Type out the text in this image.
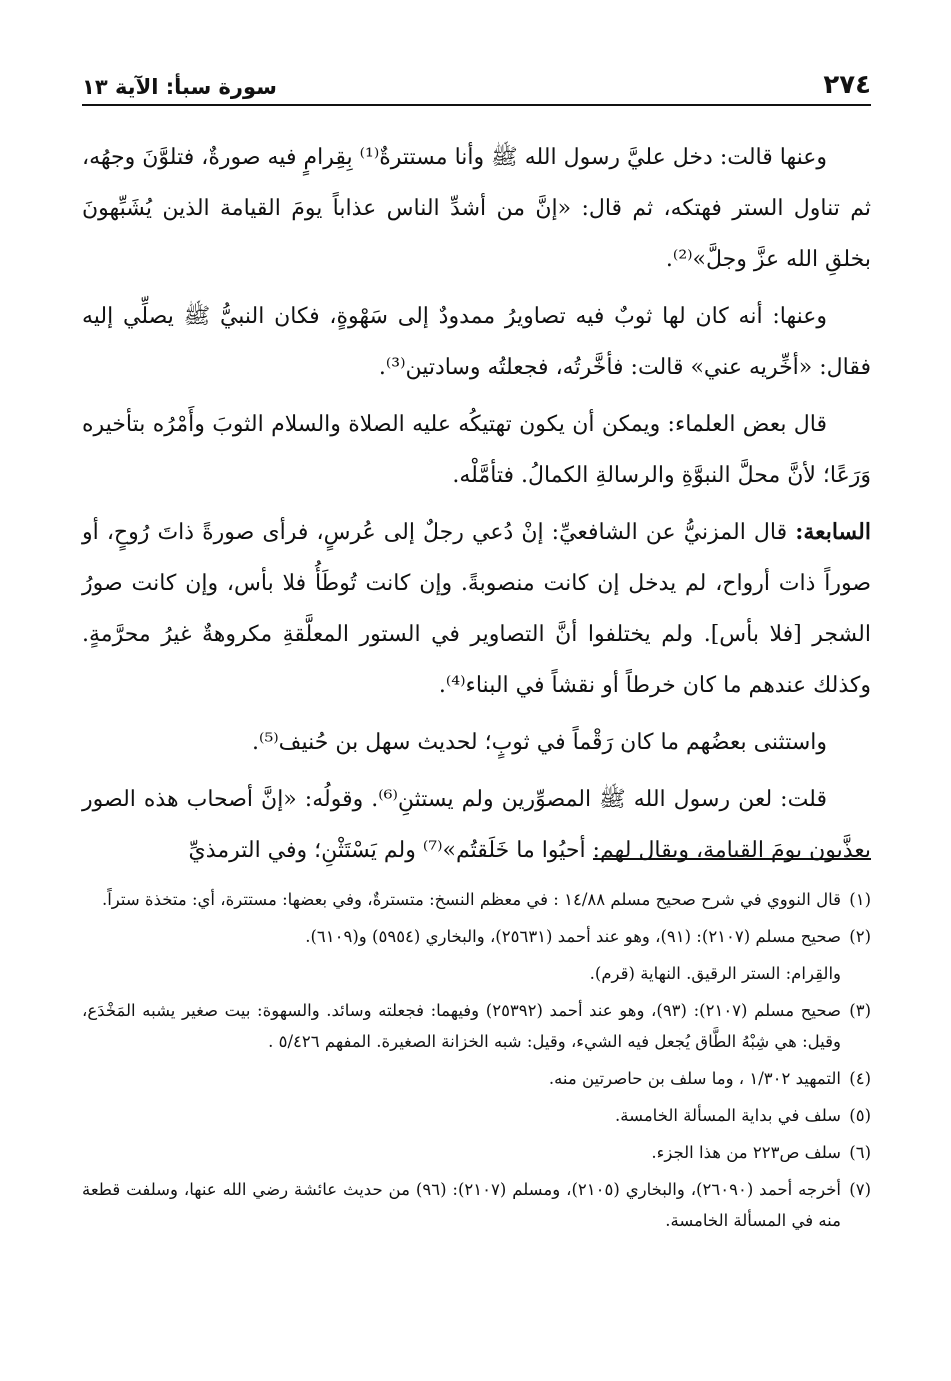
٢٧٤
سورة سبأ: الآية ١٣

وعنها قالت: دخل عليَّ رسول الله ﷺ وأنا مستترةٌ⁽¹⁾ بِقِرامٍ فيه صورةٌ، فتلوَّنَ وجهُه، ثم تناول الستر فهتكه، ثم قال: «إنَّ من أشدِّ الناس عذاباً يومَ القيامة الذين يُشَبِّهونَ بخلقِ الله عزَّ وجلَّ»⁽²⁾.

وعنها: أنه كان لها ثوبٌ فيه تصاويرُ ممدودٌ إلى سَهْوةٍ، فكان النبيُّ ﷺ يصلِّي إليه فقال: «أخِّريه عني» قالت: فأخَّرتُه، فجعلتُه وسادتين⁽³⁾.

قال بعض العلماء: ويمكن أن يكون تهتيكُه عليه الصلاة والسلام الثوبَ وأَمْرُه بتأخيره وَرَعًا؛ لأنَّ محلَّ النبوَّةِ والرسالةِ الكمالُ. فتأمَّلْه.

السابعة: قال المزنيُّ عن الشافعيِّ: إنْ دُعي رجلٌ إلى عُرسٍ، فرأى صورةً ذاتَ رُوحٍ، أو صوراً ذات أرواح، لم يدخل إن كانت منصوبةً. وإن كانت تُوطَأُ فلا بأس، وإن كانت صورُ الشجر [فلا بأس]. ولم يختلفوا أنَّ التصاوير في الستور المعلَّقةِ مكروهةٌ غيرُ محرَّمةٍ. وكذلك عندهم ما كان خرطاً أو نقشاً في البناء⁽⁴⁾.

واستثنى بعضُهم ما كان رَقْماً في ثوبٍ؛ لحديث سهل بن حُنيف⁽⁵⁾.

قلت: لعن رسول الله ﷺ المصوِّرين ولم يستثنِ⁽⁶⁾. وقولُه: «إنَّ أصحاب هذه الصور يعذَّبون يومَ القيامة، ويقال لهم: أحيُوا ما خَلَقتُم»⁽⁷⁾ ولم يَسْتَثْنِ؛ وفي الترمذيِّ

(١)
قال النووي في شرح صحيح مسلم ١٤/٨٨ : في معظم النسخ: متسترةٌ، وفي بعضها: مستترة، أي: متخذة ستراً.
(٢)
صحيح مسلم (٢١٠٧): (٩١)، وهو عند أحمد (٢٥٦٣١)، والبخاري (٥٩٥٤) و(٦١٠٩).
والقِرام: الستر الرقيق. النهاية (قرم).
(٣)
صحيح مسلم (٢١٠٧): (٩٣)، وهو عند أحمد (٢٥٣٩٢) وفيهما: فجعلته وسائد. والسهوة: بيت صغير يشبه المَخْدَع، وقيل: هي شِبْهُ الطَّاق يُجعل فيه الشيء، وقيل: شبه الخزانة الصغيرة. المفهم ٥/٤٢٦ .
(٤)
التمهيد ١/٣٠٢ ، وما سلف بن حاصرتين منه.
(٥)
سلف في بداية المسألة الخامسة.
(٦)
سلف ص٢٢٣ من هذا الجزء.
(٧)
أخرجه أحمد (٢٦٠٩٠)، والبخاري (٢١٠٥)، ومسلم (٢١٠٧): (٩٦) من حديث عائشة رضي الله عنها، وسلفت قطعة منه في المسألة الخامسة.
